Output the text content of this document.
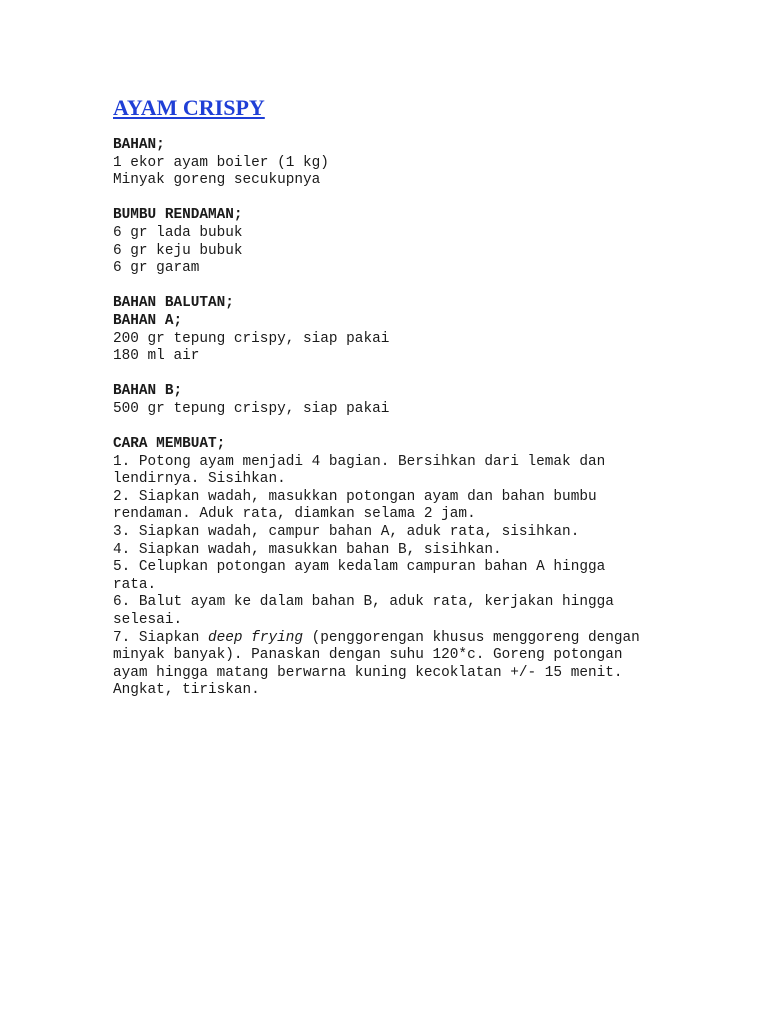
AYAM CRISPY
BAHAN;
1 ekor ayam boiler (1 kg)
Minyak goreng secukupnya
BUMBU RENDAMAN;
6 gr lada bubuk
6 gr keju bubuk
6 gr garam
BAHAN BALUTAN;
BAHAN A;
200 gr tepung crispy, siap pakai
180 ml air
BAHAN B;
500 gr tepung crispy, siap pakai
CARA MEMBUAT;
1. Potong ayam menjadi 4 bagian. Bersihkan dari lemak dan
lendirnya. Sisihkan.
2. Siapkan wadah, masukkan potongan ayam dan bahan bumbu
rendaman. Aduk rata, diamkan selama 2 jam.
3. Siapkan wadah, campur bahan A, aduk rata, sisihkan.
4. Siapkan wadah, masukkan bahan B, sisihkan.
5. Celupkan potongan ayam kedalam campuran bahan A hingga
rata.
6. Balut ayam ke dalam bahan B, aduk rata, kerjakan hingga
selesai.
7. Siapkan deep frying (penggorengan khusus menggoreng dengan
minyak banyak). Panaskan dengan suhu 120*c. Goreng potongan
ayam hingga matang berwarna kuning kecoklatan +/- 15 menit.
Angkat, tiriskan.
